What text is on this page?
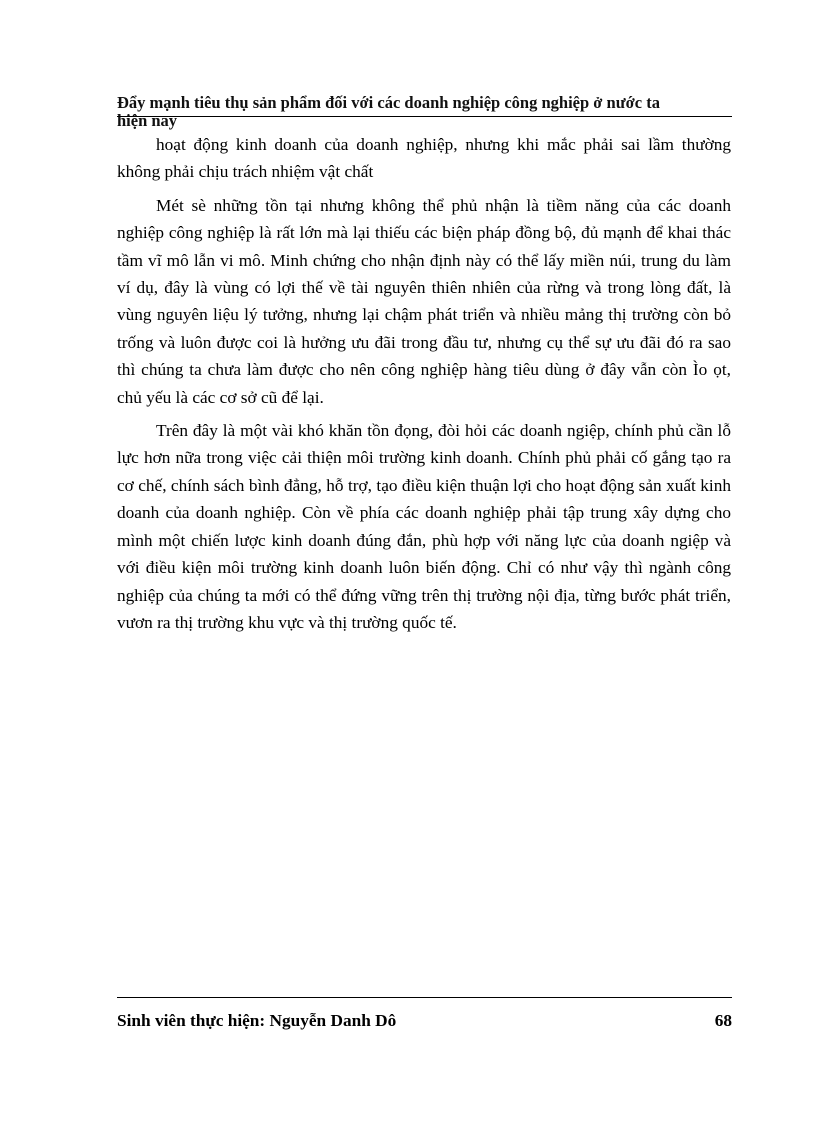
Đẩy mạnh tiêu thụ sản phẩm đối với các doanh nghiệp công nghiệp ở nước ta
hiện nay

hoạt động kinh doanh của doanh nghiệp, nhưng khi mắc phải sai lầm thường không phải chịu trách nhiệm vật chất

Mét sè những tồn tại nhưng không thể phủ nhận là tiềm năng của các doanh nghiệp công nghiệp là rất lớn mà lại thiếu các biện pháp đồng bộ, đủ mạnh để khai thác tầm vĩ mô lẫn vi mô. Minh chứng cho nhận định này có thể lấy miền núi, trung du làm ví dụ, đây là vùng có lợi thế về tài nguyên thiên nhiên của rừng và trong lòng đất, là vùng nguyên liệu lý tưởng, nhưng lại chậm phát triển và nhiều mảng thị trường còn bỏ trống và luôn được coi là hưởng ưu đãi trong đầu tư, nhưng cụ thể sự ưu đãi đó ra sao thì chúng ta chưa làm được cho nên công nghiệp hàng tiêu dùng ở đây vẫn còn Ìo ọt, chủ yếu là các cơ sở cũ để lại.

Trên đây là một vài khó khăn tồn đọng, đòi hỏi các doanh ngiệp, chính phủ cần lỗ lực hơn nữa trong việc cải thiện môi trường kinh doanh. Chính phủ phải cố gắng tạo ra cơ chế, chính sách bình đẳng, hỗ trợ, tạo điều kiện thuận lợi cho hoạt động sản xuất kinh doanh của doanh nghiệp. Còn về phía các doanh nghiệp phải tập trung xây dựng cho mình một chiến lược kinh doanh đúng đắn, phù hợp với năng lực của doanh ngiệp và với điều kiện môi trường kinh doanh luôn biến động. Chỉ có như vậy thì ngành công nghiệp của chúng ta mới có thể đứng vững trên thị trường nội địa, từng bước phát triển, vươn ra thị trường khu vực và thị trường quốc tế.

Sinh viên thực hiện: Nguyễn Danh Dô	68
